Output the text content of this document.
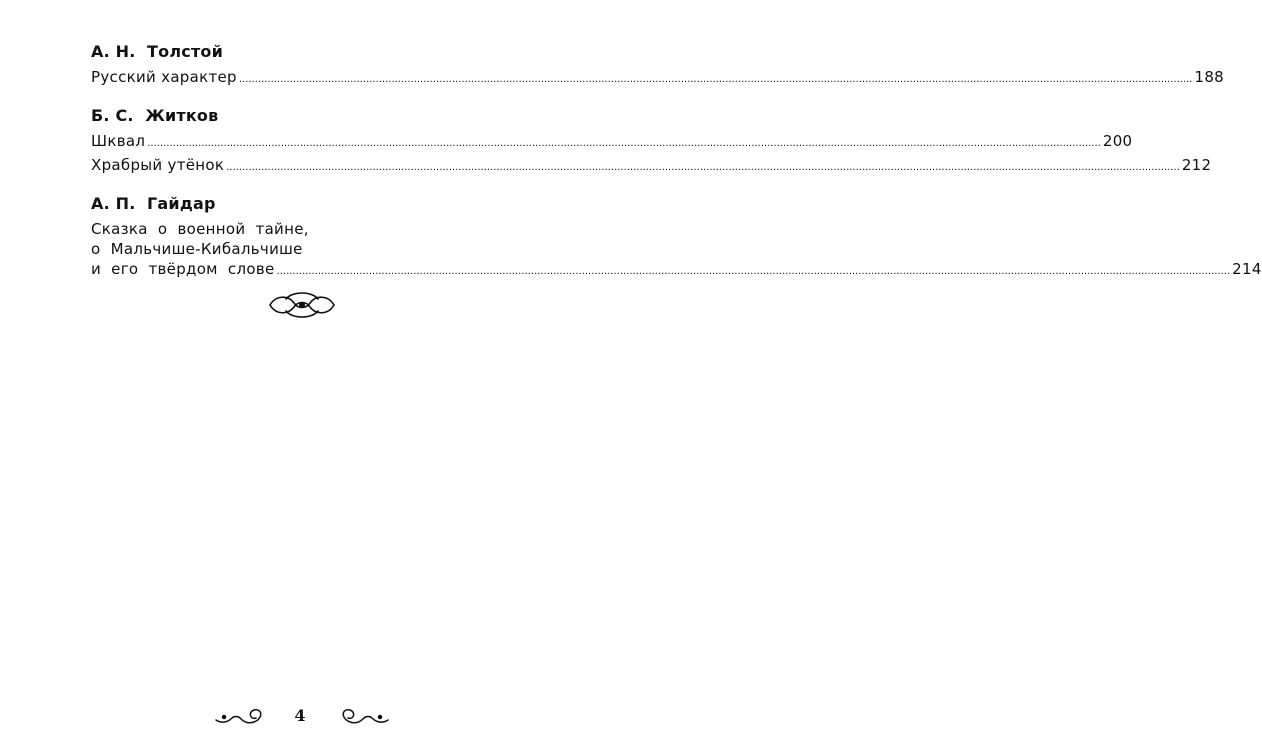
А. Н.  Толстой
Русский характер ............................................................................................................................................................................................................................................................................................................ 188
Б. С.  Житков
Шквал ............................................................................................................................................................................................................................................................................................................ 200
Храбрый утёнок ............................................................................................................................................................................................................................................................................................................ 212
А. П.  Гайдар
Сказка  о  военной  тайне,
о  Мальчише-Кибальчише
и  его  твёрдом  слове ............................................................................................................................................................................................................................................................................................................ 214
4
